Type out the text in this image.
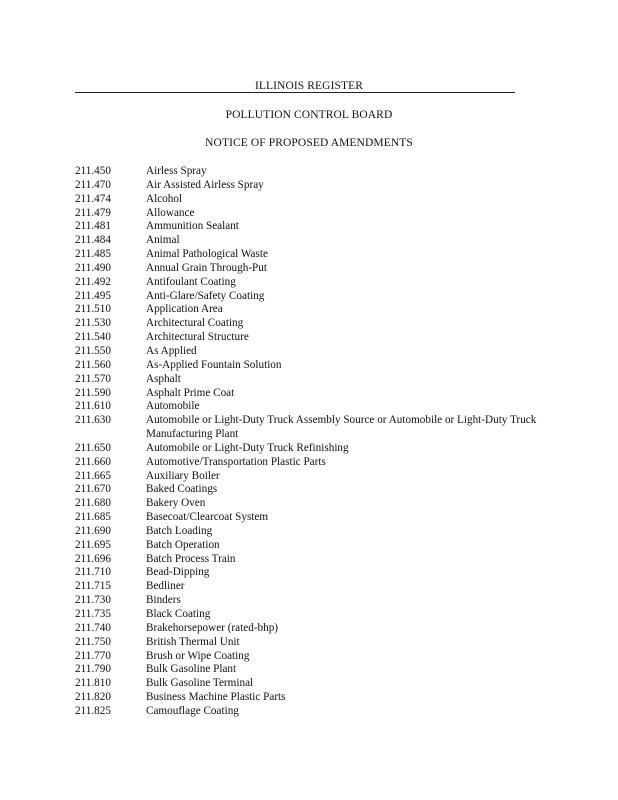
ILLINOIS REGISTER
POLLUTION CONTROL BOARD
NOTICE OF PROPOSED AMENDMENTS
211.450	Airless Spray
211.470	Air Assisted Airless Spray
211.474	Alcohol
211.479	Allowance
211.481	Ammunition Sealant
211.484	Animal
211.485	Animal Pathological Waste
211.490	Annual Grain Through-Put
211.492	Antifoulant Coating
211.495	Anti-Glare/Safety Coating
211.510	Application Area
211.530	Architectural Coating
211.540	Architectural Structure
211.550	As Applied
211.560	As-Applied Fountain Solution
211.570	Asphalt
211.590	Asphalt Prime Coat
211.610	Automobile
211.630	Automobile or Light-Duty Truck Assembly Source or Automobile or Light-Duty Truck Manufacturing Plant
211.650	Automobile or Light-Duty Truck Refinishing
211.660	Automotive/Transportation Plastic Parts
211.665	Auxiliary Boiler
211.670	Baked Coatings
211.680	Bakery Oven
211.685	Basecoat/Clearcoat System
211.690	Batch Loading
211.695	Batch Operation
211.696	Batch Process Train
211.710	Bead-Dipping
211.715	Bedliner
211.730	Binders
211.735	Black Coating
211.740	Brakehorsepower (rated-bhp)
211.750	British Thermal Unit
211.770	Brush or Wipe Coating
211.790	Bulk Gasoline Plant
211.810	Bulk Gasoline Terminal
211.820	Business Machine Plastic Parts
211.825	Camouflage Coating
